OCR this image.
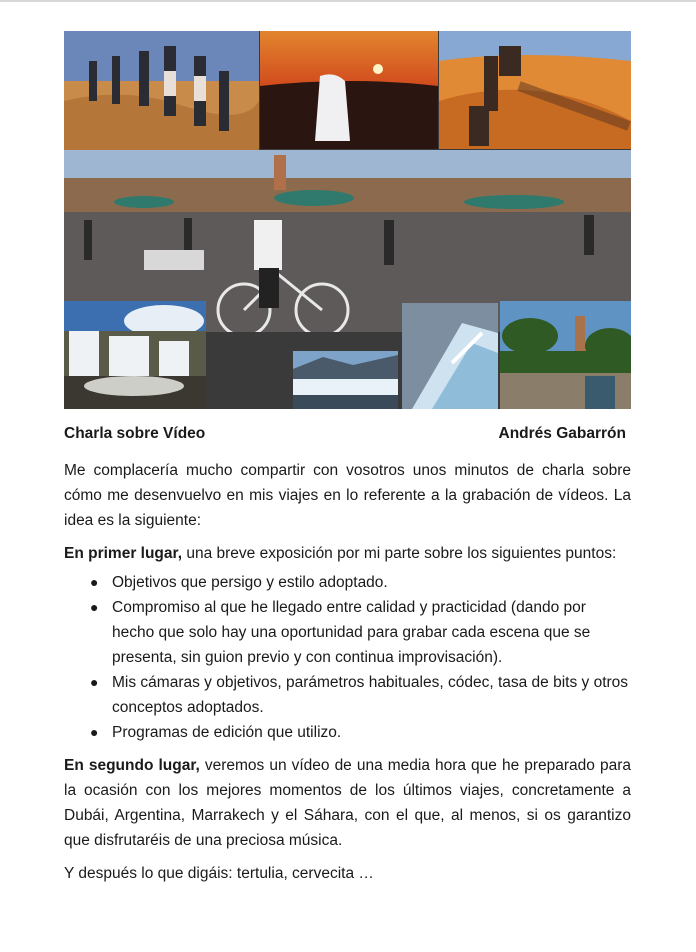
Charla sobre Vídeo	Andrés Gabarrón

Me complacería mucho compartir con vosotros unos minutos de charla sobre cómo me desenvuelvo en mis viajes en lo referente a la grabación de vídeos. La idea es la siguiente:

En primer lugar, una breve exposición por mi parte sobre los siguientes puntos:

● Objetivos que persigo y estilo adoptado.
● Compromiso al que he llegado entre calidad y practicidad (dando por hecho que solo hay una oportunidad para grabar cada escena que se presenta, sin guion previo y con continua improvisación).
● Mis cámaras y objetivos, parámetros habituales, códec, tasa de bits y otros conceptos adoptados.
● Programas de edición que utilizo.

En segundo lugar, veremos un vídeo de una media hora que he preparado para la ocasión con los mejores momentos de los últimos viajes, concretamente a Dubái, Argentina, Marrakech y el Sáhara, con el que, al menos, si os garantizo que disfrutaréis de una preciosa música.

Y después lo que digáis: tertulia, cervecita …
